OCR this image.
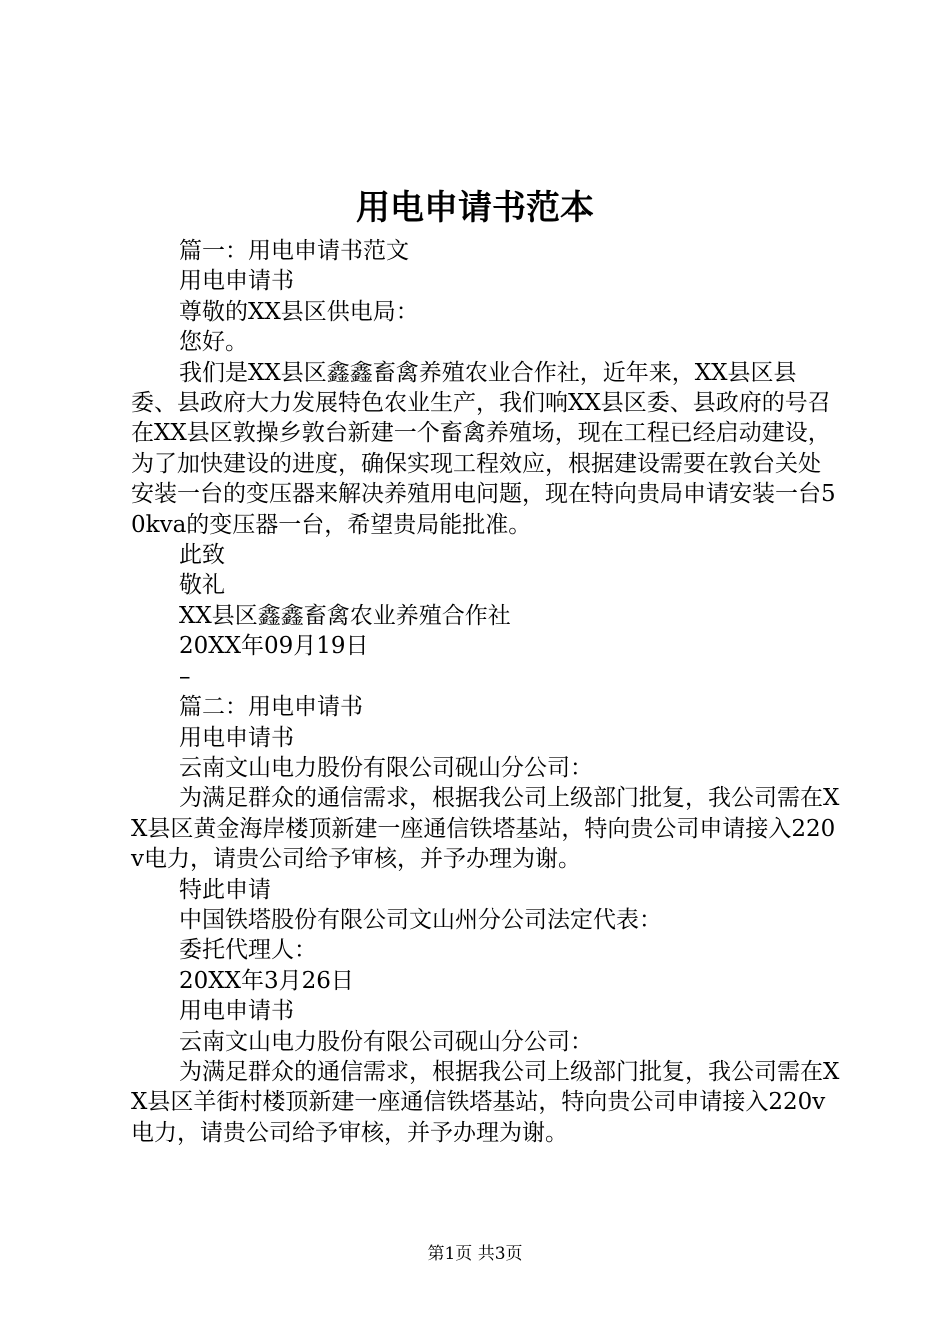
用电申请书范本

篇一：用电申请书范文

用电申请书

尊敬的XX县区供电局：

您好。

我们是XX县区鑫鑫畜禽养殖农业合作社，近年来，XX县区县委、县政府大力发展特色农业生产，我们响XX县区委、县政府的号召在XX县区敦操乡敦台新建一个畜禽养殖场，现在工程已经启动建设，为了加快建设的进度，确保实现工程效应，根据建设需要在敦台关处安装一台的变压器来解决养殖用电问题，现在特向贵局申请安装一台50kva的变压器一台，希望贵局能批准。

此致

敬礼

XX县区鑫鑫畜禽农业养殖合作社

20XX年09月19日

–

篇二：用电申请书

用电申请书

云南文山电力股份有限公司砚山分公司：

为满足群众的通信需求，根据我公司上级部门批复，我公司需在XX县区黄金海岸楼顶新建一座通信铁塔基站，特向贵公司申请接入220v电力，请贵公司给予审核，并予办理为谢。

特此申请

中国铁塔股份有限公司文山州分公司法定代表：

委托代理人：

20XX年3月26日

用电申请书

云南文山电力股份有限公司砚山分公司：

为满足群众的通信需求，根据我公司上级部门批复，我公司需在XX县区羊街村楼顶新建一座通信铁塔基站，特向贵公司申请接入220v电力，请贵公司给予审核，并予办理为谢。

第1页 共3页
